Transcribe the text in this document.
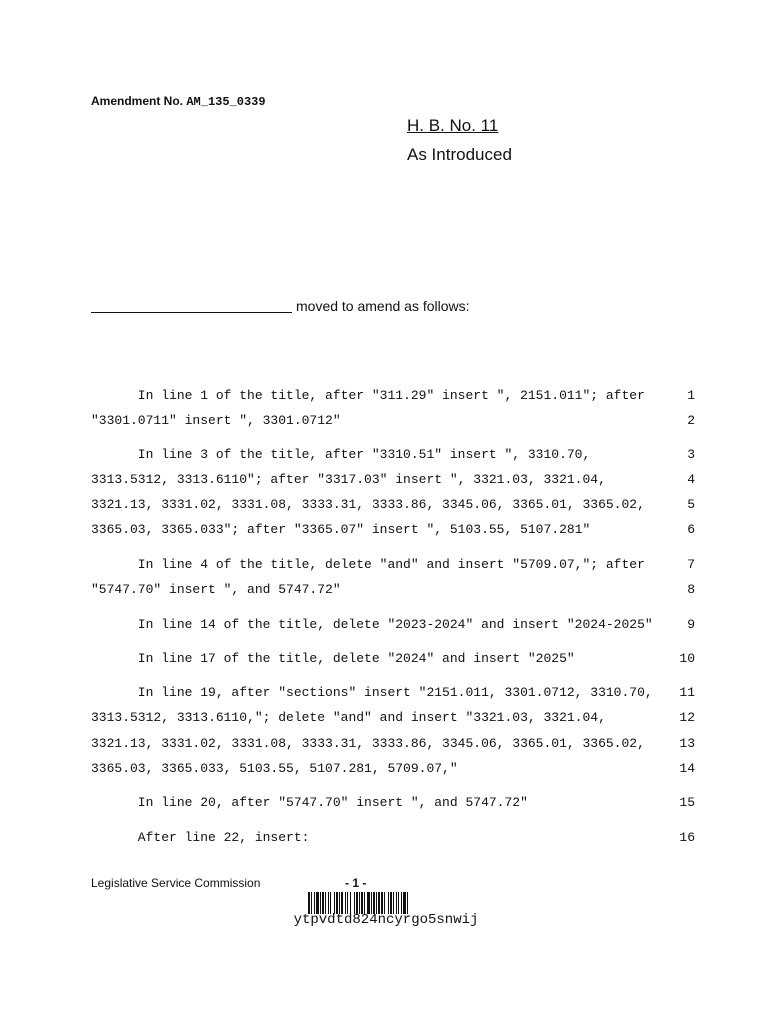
Amendment No. AM_135_0339
H. B. No. 11
As Introduced
moved to amend as follows:
In line 1 of the title, after "311.29" insert ", 2151.011"; after	1
"3301.0711" insert ", 3301.0712"	2
In line 3 of the title, after "3310.51" insert ", 3310.70,	3
3313.5312, 3313.6110"; after "3317.03" insert ", 3321.03, 3321.04,	4
3321.13, 3331.02, 3331.08, 3333.31, 3333.86, 3345.06, 3365.01, 3365.02,	5
3365.03, 3365.033"; after "3365.07" insert ", 5103.55, 5107.281"	6
In line 4 of the title, delete "and" and insert "5709.07,"; after	7
"5747.70" insert ", and 5747.72"	8
In line 14 of the title, delete "2023-2024" and insert "2024-2025"	9
In line 17 of the title, delete "2024" and insert "2025"	10
In line 19, after "sections" insert "2151.011, 3301.0712, 3310.70,	11
3313.5312, 3313.6110,"; delete "and" and insert "3321.03, 3321.04,	12
3321.13, 3331.02, 3331.08, 3333.31, 3333.86, 3345.06, 3365.01, 3365.02,	13
3365.03, 3365.033, 5103.55, 5107.281, 5709.07,"	14
In line 20, after "5747.70" insert ", and 5747.72"	15
After line 22, insert:	16
Legislative Service Commission	- 1 -
ytpvdtd824ncyrgo5snwij
